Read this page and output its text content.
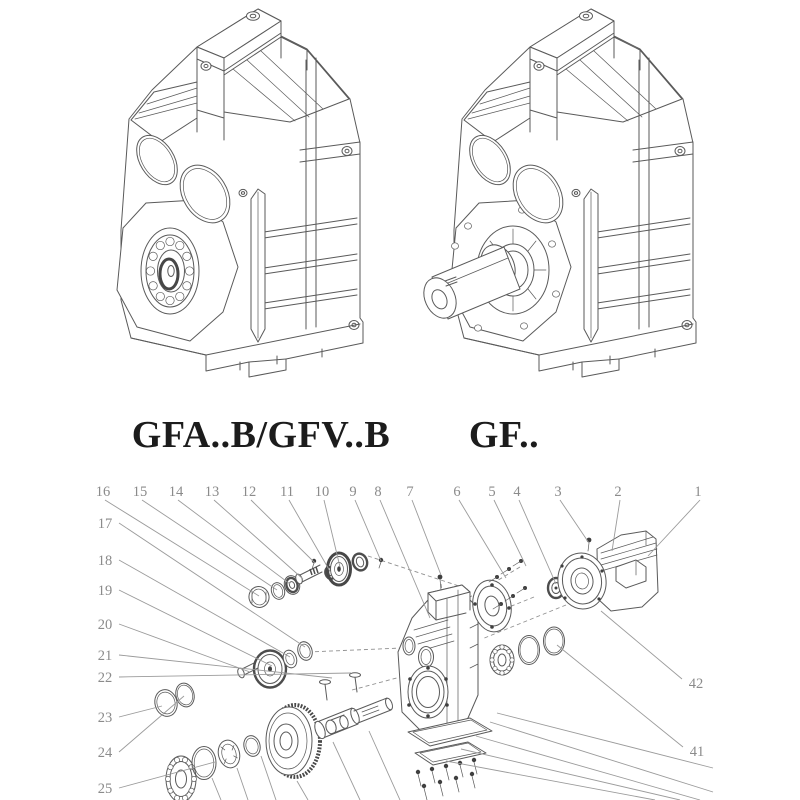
1
2
3
4
5
6
7
8
9
10
11
12
13
14
15
16
17
18
19
20
21
22
23
24
25
42
41
GFA..B/GFV..B GF..
